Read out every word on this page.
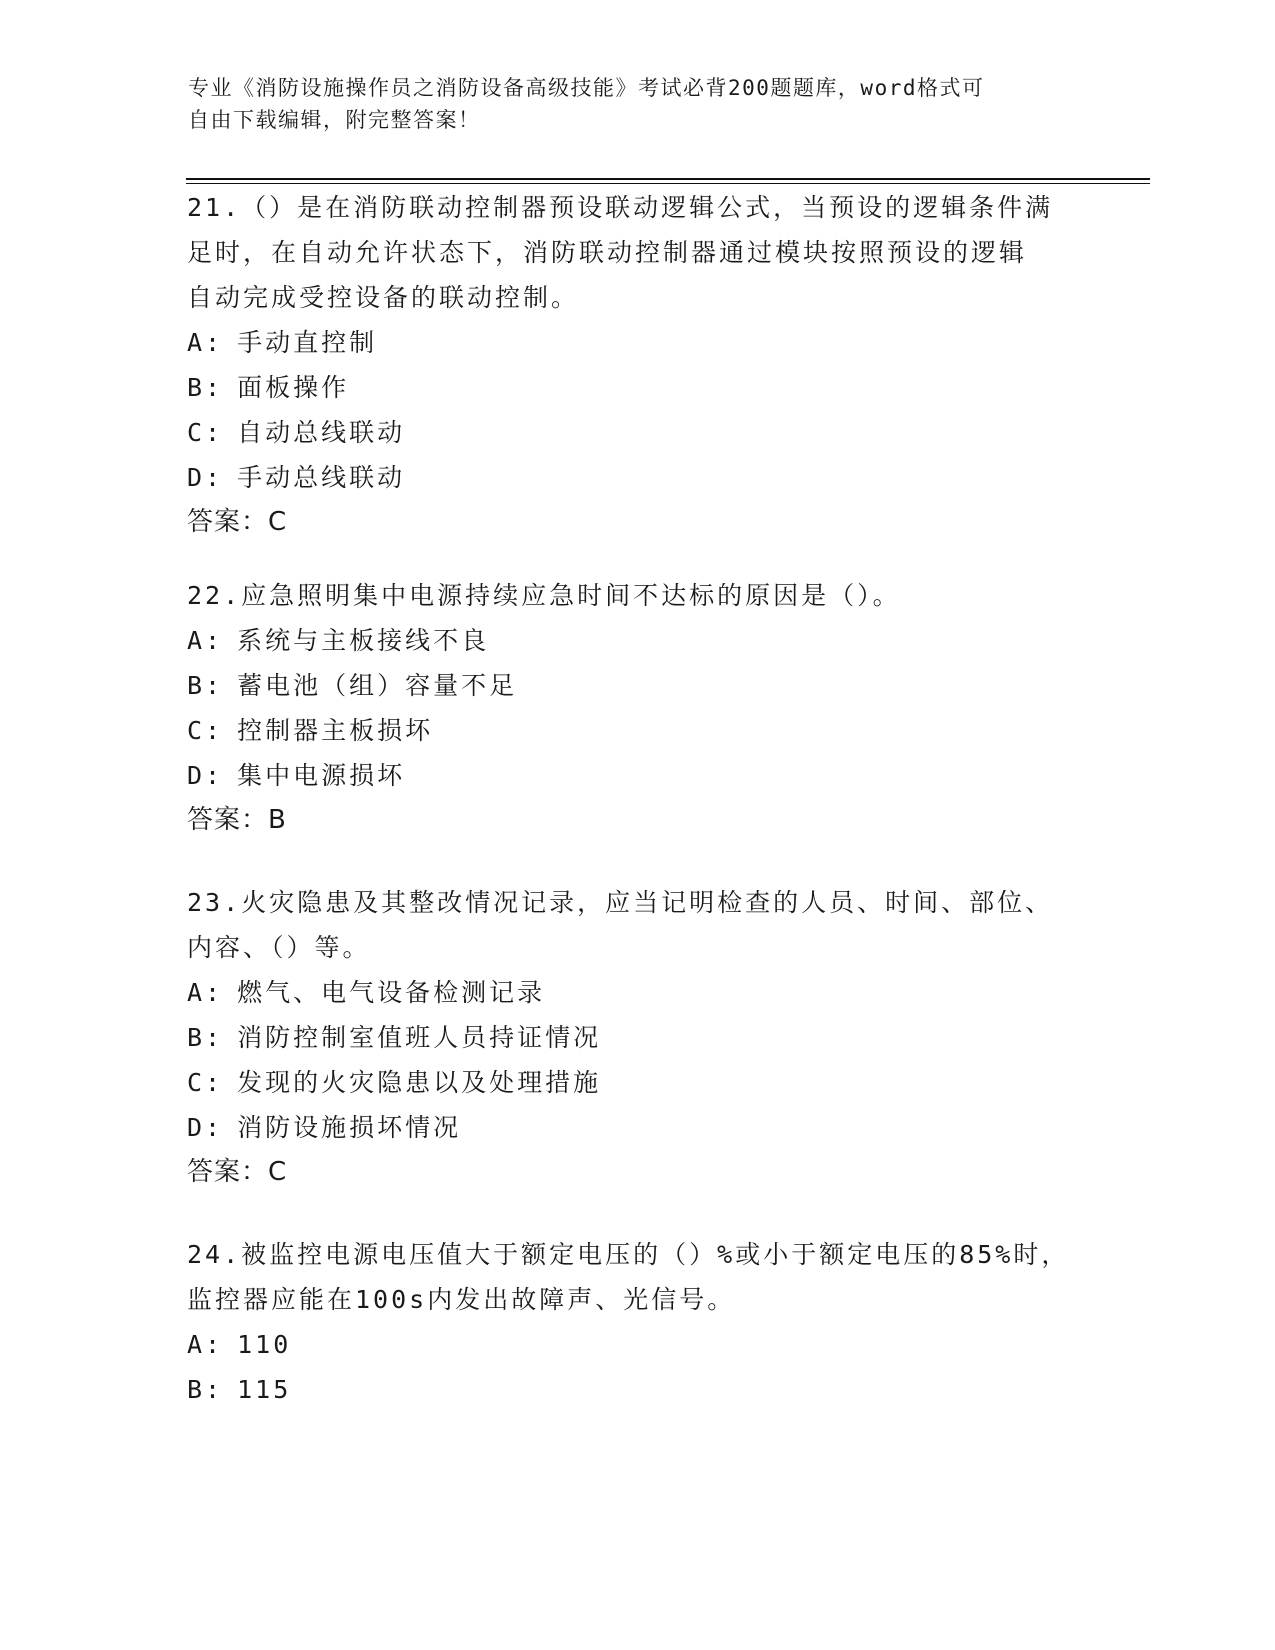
专业《消防设施操作员之消防设备高级技能》考试必背200题题库，word格式可
自由下载编辑，附完整答案！
21.（）是在消防联动控制器预设联动逻辑公式，当预设的逻辑条件满
足时，在自动允许状态下，消防联动控制器通过模块按照预设的逻辑
自动完成受控设备的联动控制。
A: 手动直控制
B: 面板操作
C: 自动总线联动
D: 手动总线联动
答案：C
22.应急照明集中电源持续应急时间不达标的原因是（）。
A: 系统与主板接线不良
B: 蓄电池（组）容量不足
C: 控制器主板损坏
D: 集中电源损坏
答案：B
23.火灾隐患及其整改情况记录，应当记明检查的人员、时间、部位、
内容、（）等。
A: 燃气、电气设备检测记录
B: 消防控制室值班人员持证情况
C: 发现的火灾隐患以及处理措施
D: 消防设施损坏情况
答案：C
24.被监控电源电压值大于额定电压的（）%或小于额定电压的85%时，
监控器应能在100s内发出故障声、光信号。
A: 110
B: 115
